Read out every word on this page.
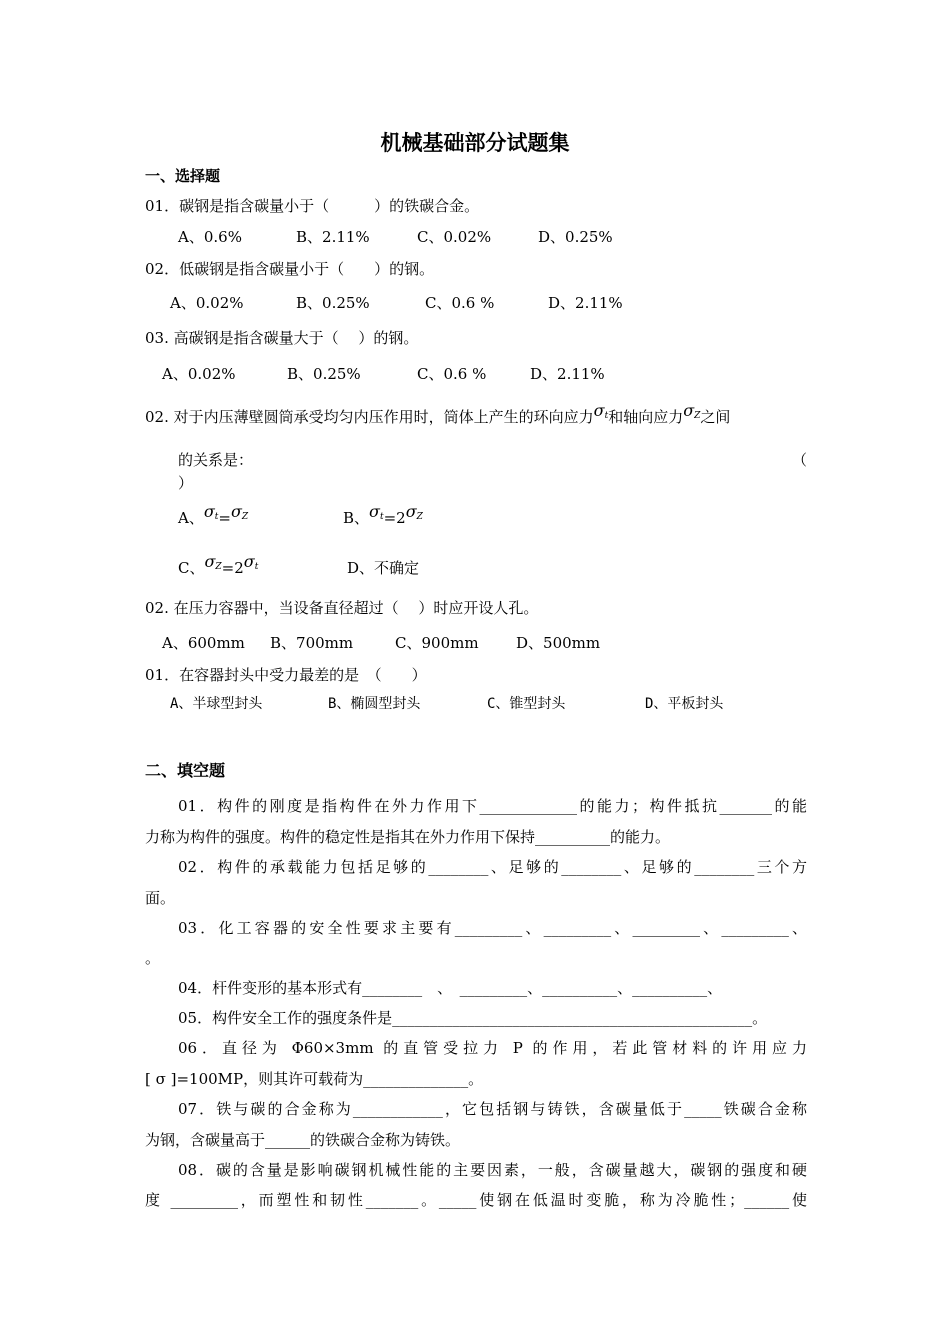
机械基础部分试题集
一、选择题
01．碳钢是指含碳量小于（　　　）的铁碳合金。
A、0.6%	B、2.11%	C、0.02%	D、0.25%
02．低碳钢是指含碳量小于（　　）的钢。
A、0.02%	B、0.25%	C、0.6 %	D、2.11%
03. 高碳钢是指含碳量大于（　 ）的钢。
A、0.02%	B、0.25%	C、0.6 %	D、2.11%
02. 对于内压薄壁圆筒承受均匀内压作用时，筒体上产生的环向应力$\sigma_t$和轴向应力$\sigma_Z$之间
的关系是：	（
）
A、$\sigma_t=\sigma_Z$	B、$\sigma_t=2\sigma_Z$
C、$\sigma_Z=2\sigma_t$	D、不确定
02. 在压力容器中，当设备直径超过（　 ）时应开设人孔。
A、600mm B、700mm	C、900mm D、500mm
01．在容器封头中受力最差的是　（　　）
A、半球型封头	B、椭圆型封头	C、锥型封头	D、平板封头
二、填空题
01．构件的刚度是指构件在外力作用下_____________的能力；构件抵抗_______的能
力称为构件的强度。构件的稳定性是指其在外力作用下保持__________的能力。
02．构件的承载能力包括足够的________、足够的________、足够的________三个方
面。
03．化工容器的安全性要求主要有_________、_________、_________、_________、
。
04．杆件变形的基本形式有________　、　_________、__________、__________、
05．构件安全工作的强度条件是________________________________________________。
06．直径为 Φ60×3mm 的直管受拉力 P 的作用，若此管材料的许用应力
[ σ ]=100MP，则其许可载荷为______________。
07．铁与碳的合金称为____________，它包括钢与铸铁，含碳量低于_____铁碳合金称
为钢，含碳量高于______的铁碳合金称为铸铁。
08．碳的含量是影响碳钢机械性能的主要因素，一般，含碳量越大，碳钢的强度和硬
度 _________，而塑性和韧性_______。_____使钢在低温时变脆，称为冷脆性；______使
